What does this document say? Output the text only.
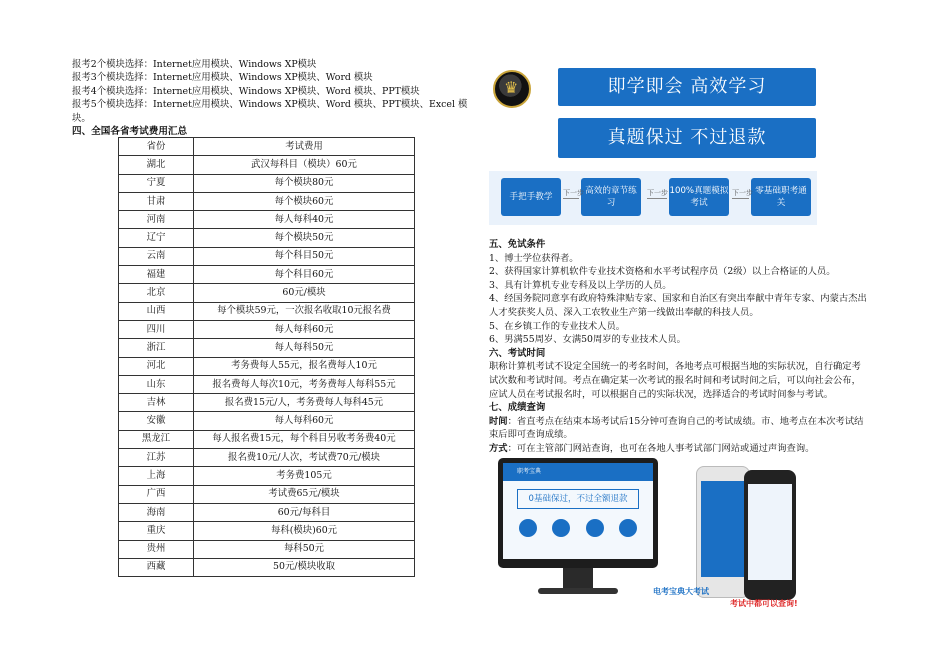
报考2个模块选择：Internet应用模块、Windows XP模块
报考3个模块选择：Internet应用模块、Windows XP模块、Word 模块
报考4个模块选择：Internet应用模块、Windows XP模块、Word 模块、PPT模块
报考5个模块选择：Internet应用模块、Windows XP模块、Word 模块、PPT模块、Excel 模
块。
四、全国各省考试费用汇总
省份	考试费用
湖北	武汉每科目（模块）60元
宁夏	每个模块80元
甘肃	每个模块60元
河南	每人每科40元
辽宁	每个模块50元
云南	每个科目50元
福建	每个科目60元
北京	60元/模块
山西	每个模块59元，一次报名收取10元报名费
四川	每人每科60元
浙江	每人每科50元
河北	考务费每人55元，报名费每人10元
山东	报名费每人每次10元，考务费每人每科55元
吉林	报名费15元/人，考务费每人每科45元
安徽	每人每科60元
黑龙江	每人报名费15元，每个科目另收考务费40元
江苏	报名费10元/人次，考试费70元/模块
上海	考务费105元
广西	考试费65元/模块
海南	60元/每科目
重庆	每科(模块)60元
贵州	每科50元
西藏	50元/模块收取
♛	即学即会 高效学习
真题保过 不过退款
手把手教学
高效的章节练习
100%真题模拟考试
零基础职考通关
下一步	下一步	下一步
五、免试条件
1、博士学位获得者。
2、获得国家计算机软件专业技术资格和水平考试程序员（2级）以上合格证的人员。
3、具有计算机专业专科及以上学历的人员。
4、经国务院同意享有政府特殊津贴专家、国家和自治区有突出奉献中青年专家、内蒙古杰出
人才奖获奖人员、深入工农牧业生产第一线做出奉献的科技人员。
5、在乡镇工作的专业技术人员。
6、男满55周岁、女满50周岁的专业技术人员。
六、考试时间
职称计算机考试不设定全国统一的考名时间，各地考点可根据当地的实际状况，自行确定考
试次数和考试时间。考点在确定某一次考试的报名时间和考试时间之后，可以向社会公布，
应试人员在考试报名时，可以根据自己的实际状况，选择适合的考试时间参与考试。
七、成绩查询
时间：省直考点在结束本场考试后15分钟可查询自己的考试成绩。市、地考点在本次考试结
束后即可查询成绩。
方式：可在主管部门网站查询，也可在各地人事考试部门网站或通过声询查询。
职考宝典
0基础保过，不过全额退款
电考宝典大考试
考试中都可以查询!
